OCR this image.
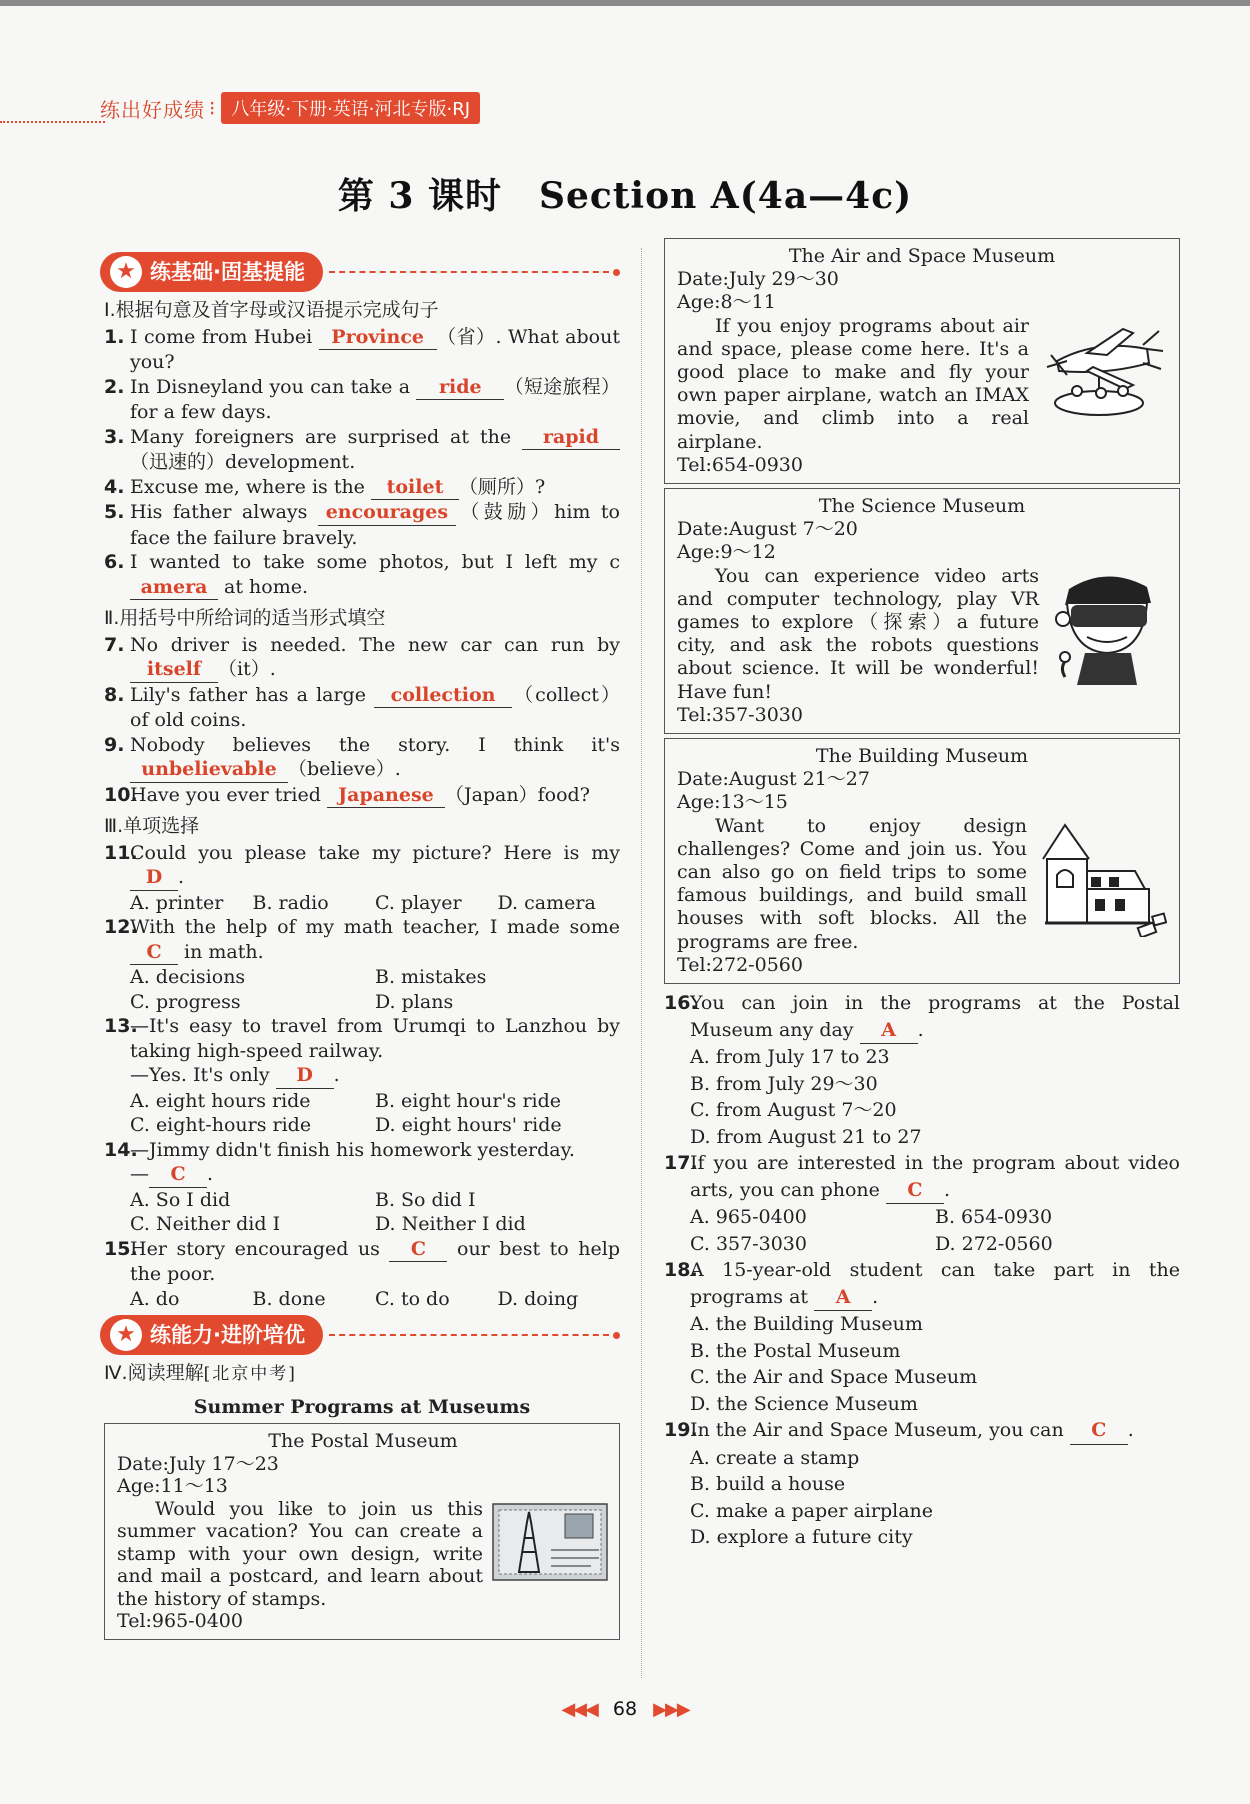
练出好成绩 ⁝ 八年级·下册·英语·河北专版·RJ
第 3 课时　Section A(4a—4c)
★ 练基础·固基提能
Ⅰ.根据句意及首字母或汉语提示完成句子
1. I come from Hubei Province （省）. What about you?
2. In Disneyland you can take a ride （短途旅程）for a few days.
3. Many foreigners are surprised at the rapid（迅速的）development.
4. Excuse me, where is the toilet （厕所）?
5. His father always encourages （鼓励）him to face the failure bravely.
6. I wanted to take some photos, but I left my camera at home.
Ⅱ.用括号中所给词的适当形式填空
7. No driver is needed. The new car can run by itself （it）.
8. Lily's father has a large collection （collect）of old coins.
9. Nobody believes the story. I think it's unbelievable （believe）.
10.
Have you ever tried Japanese （Japan）food?
Ⅲ.单项选择
11.
Could you please take my picture? Here is my D .
A. printer	B. radio	C. player	D. camera
12.
With the help of my math teacher, I made some C in math.
A. decisions	B. mistakes
C. progress	D. plans
13.
—It's easy to travel from Urumqi to Lanzhou by taking high-speed railway.
—Yes. It's only D .
A. eight hours ride	B. eight hour's ride
C. eight-hours ride	D. eight hours' ride
14.
—Jimmy didn't finish his homework yesterday.
— C .
A. So I did	B. So did I
C. Neither did I	D. Neither I did
15.
Her story encouraged us C our best to help the poor.
A. do	B. done	C. to do	D. doing
★ 练能力·进阶培优
Ⅳ.阅读理解[北京中考]
Summer Programs at Museums
The Postal Museum
Date:July 17～23
Age:11～13
Would you like to join us this summer vacation? You can create a stamp with your own design, write and mail a postcard, and learn about the history of stamps.
Tel:965-0400
The Air and Space Museum
Date:July 29～30
Age:8～11
If you enjoy programs about air and space, please come here. It's a good place to make and fly your own paper airplane, watch an IMAX movie, and climb into a real airplane.
Tel:654-0930
The Science Museum
Date:August 7～20
Age:9～12
You can experience video arts and computer technology, play VR games to explore（探索）a future city, and ask the robots questions about science. It will be wonderful! Have fun!
Tel:357-3030
The Building Museum
Date:August 21～27
Age:13～15
Want to enjoy design challenges? Come and join us. You can also go on field trips to some famous buildings, and build small houses with soft blocks. All the programs are free.
Tel:272-0560
16.
You can join in the programs at the Postal Museum any day A .
A. from July 17 to 23
B. from July 29～30
C. from August 7～20
D. from August 21 to 27
17.
If you are interested in the program about video arts, you can phone C .
A. 965-0400	B. 654-0930
C. 357-3030	D. 272-0560
18.
A 15-year-old student can take part in the programs at A .
A. the Building Museum
B. the Postal Museum
C. the Air and Space Museum
D. the Science Museum
19.
In the Air and Space Museum, you can C .
A. create a stamp
B. build a house
C. make a paper airplane
D. explore a future city
◀◀◀ 68 ▶▶▶
